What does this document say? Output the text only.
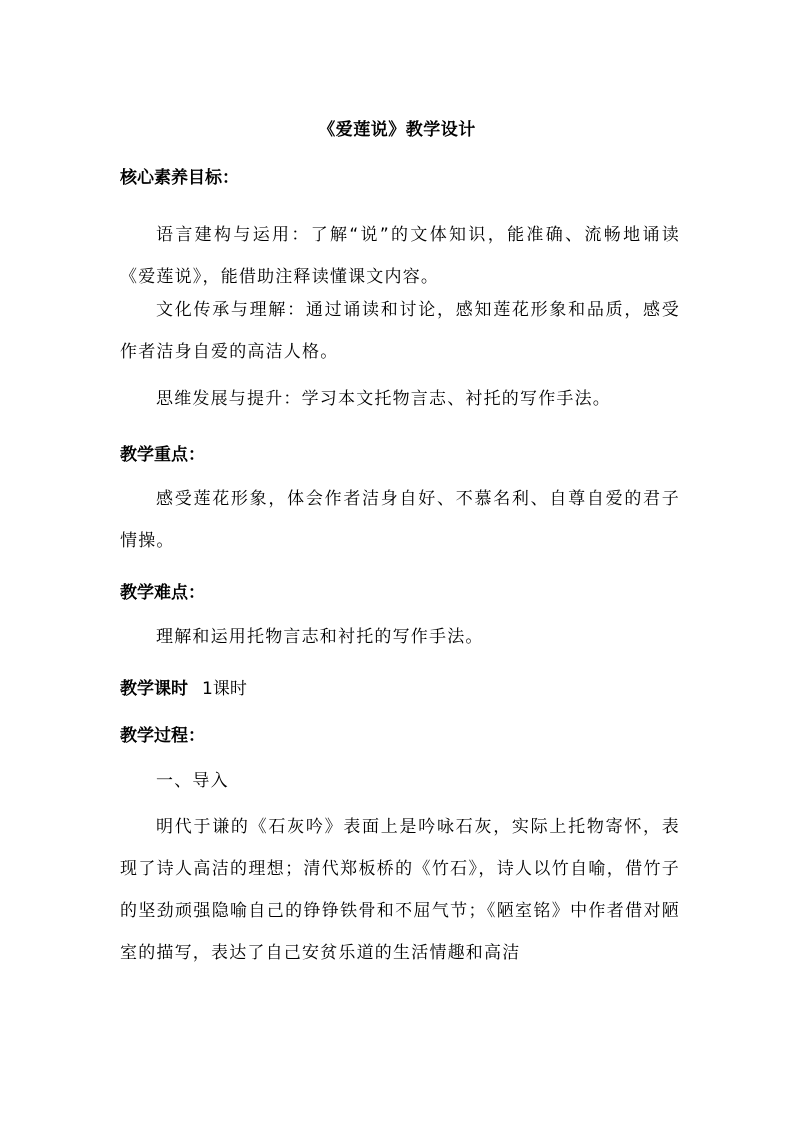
《爱莲说》教学设计
核心素养目标：
语言建构与运用：了解“说”的文体知识，能准确、流畅地诵读《爱莲说》，能借助注释读懂课文内容。
文化传承与理解：通过诵读和讨论，感知莲花形象和品质，感受作者洁身自爱的高洁人格。
思维发展与提升：学习本文托物言志、衬托的写作手法。
教学重点：
感受莲花形象，体会作者洁身自好、不慕名利、自尊自爱的君子情操。
教学难点：
理解和运用托物言志和衬托的写作手法。
教学课时 1课时
教学过程：
一、导入
明代于谦的《石灰吟》表面上是吟咏石灰，实际上托物寄怀，表现了诗人高洁的理想；清代郑板桥的《竹石》，诗人以竹自喻，借竹子的坚劲顽强隐喻自己的铮铮铁骨和不屈气节；《陋室铭》中作者借对陋室的描写，表达了自己安贫乐道的生活情趣和高洁
